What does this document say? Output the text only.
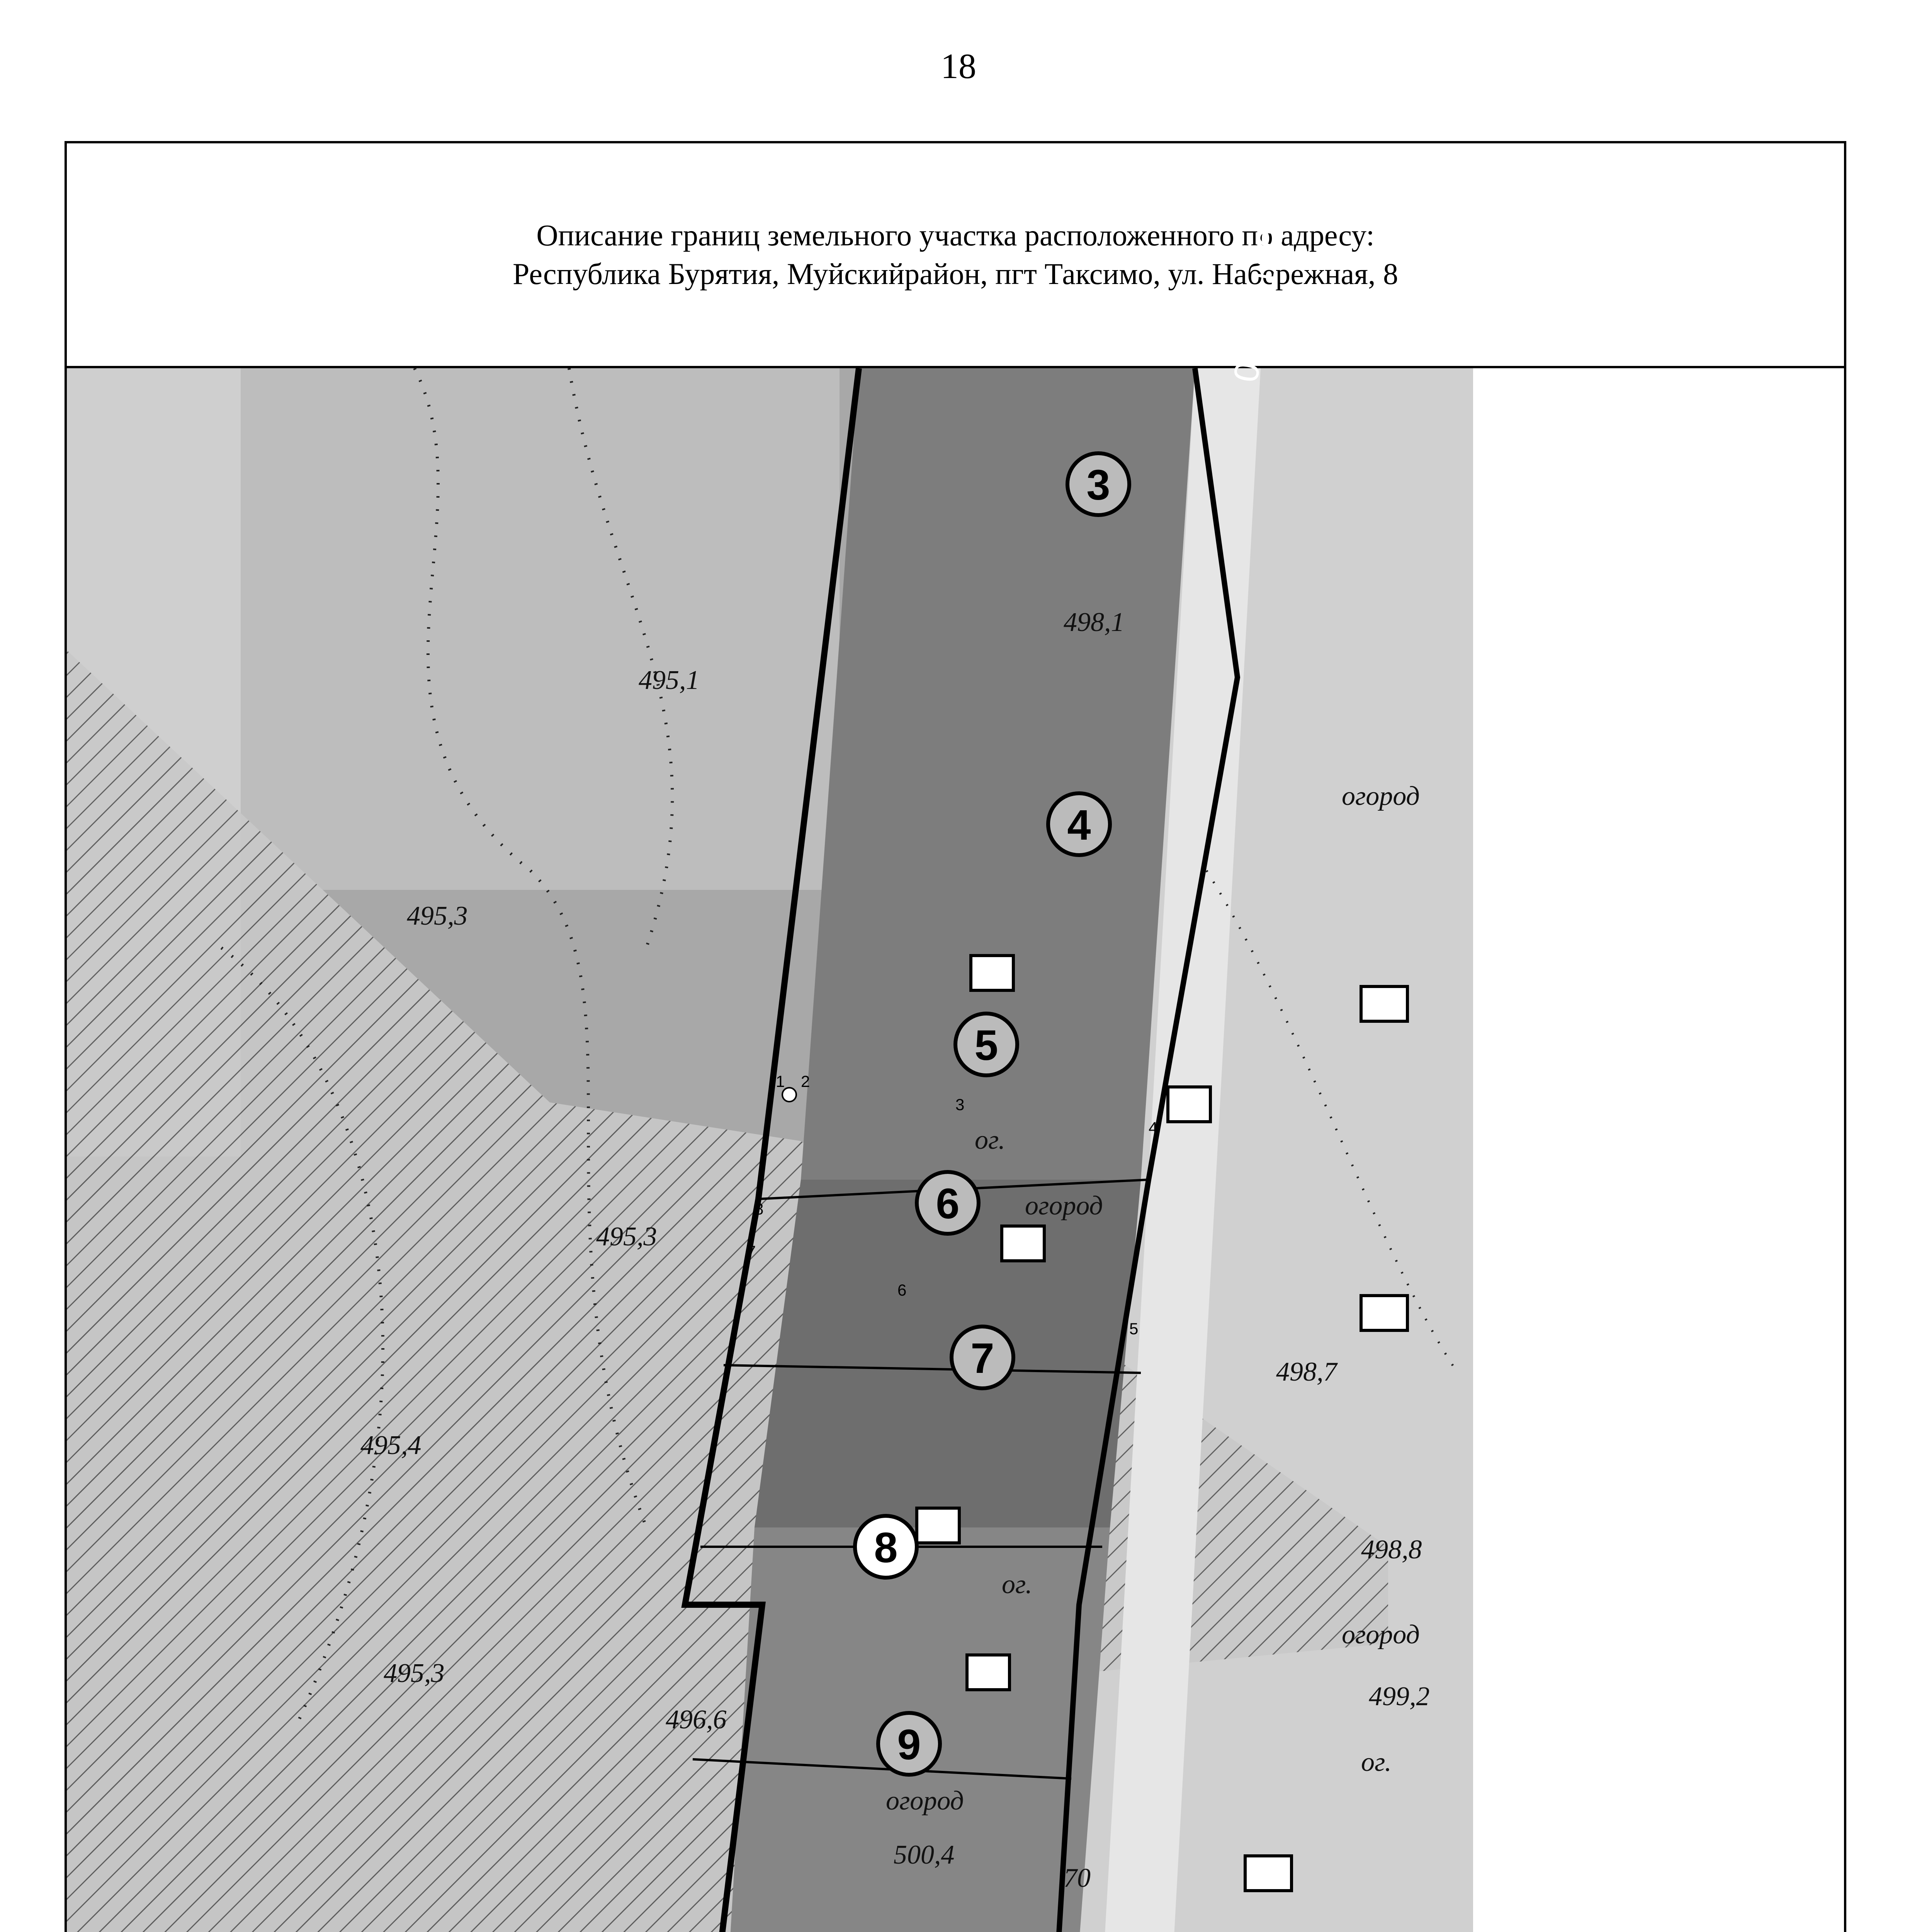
18
Описание границ земельного участка расположенного по адресу:
Республика Бурятия, Муйскийрайон, пгт Таксимо, ул. Набережная, 8
3
4
5
6
7
8
9
огород
огород
огород
огород
ог.
ог.
ог.
498,1
495,1
495,3
495,3
495,4
495,3
496,6
500,4
498,7
498,8
499,2
70
03:18:100
1 2
3
4
5
6
7
8
